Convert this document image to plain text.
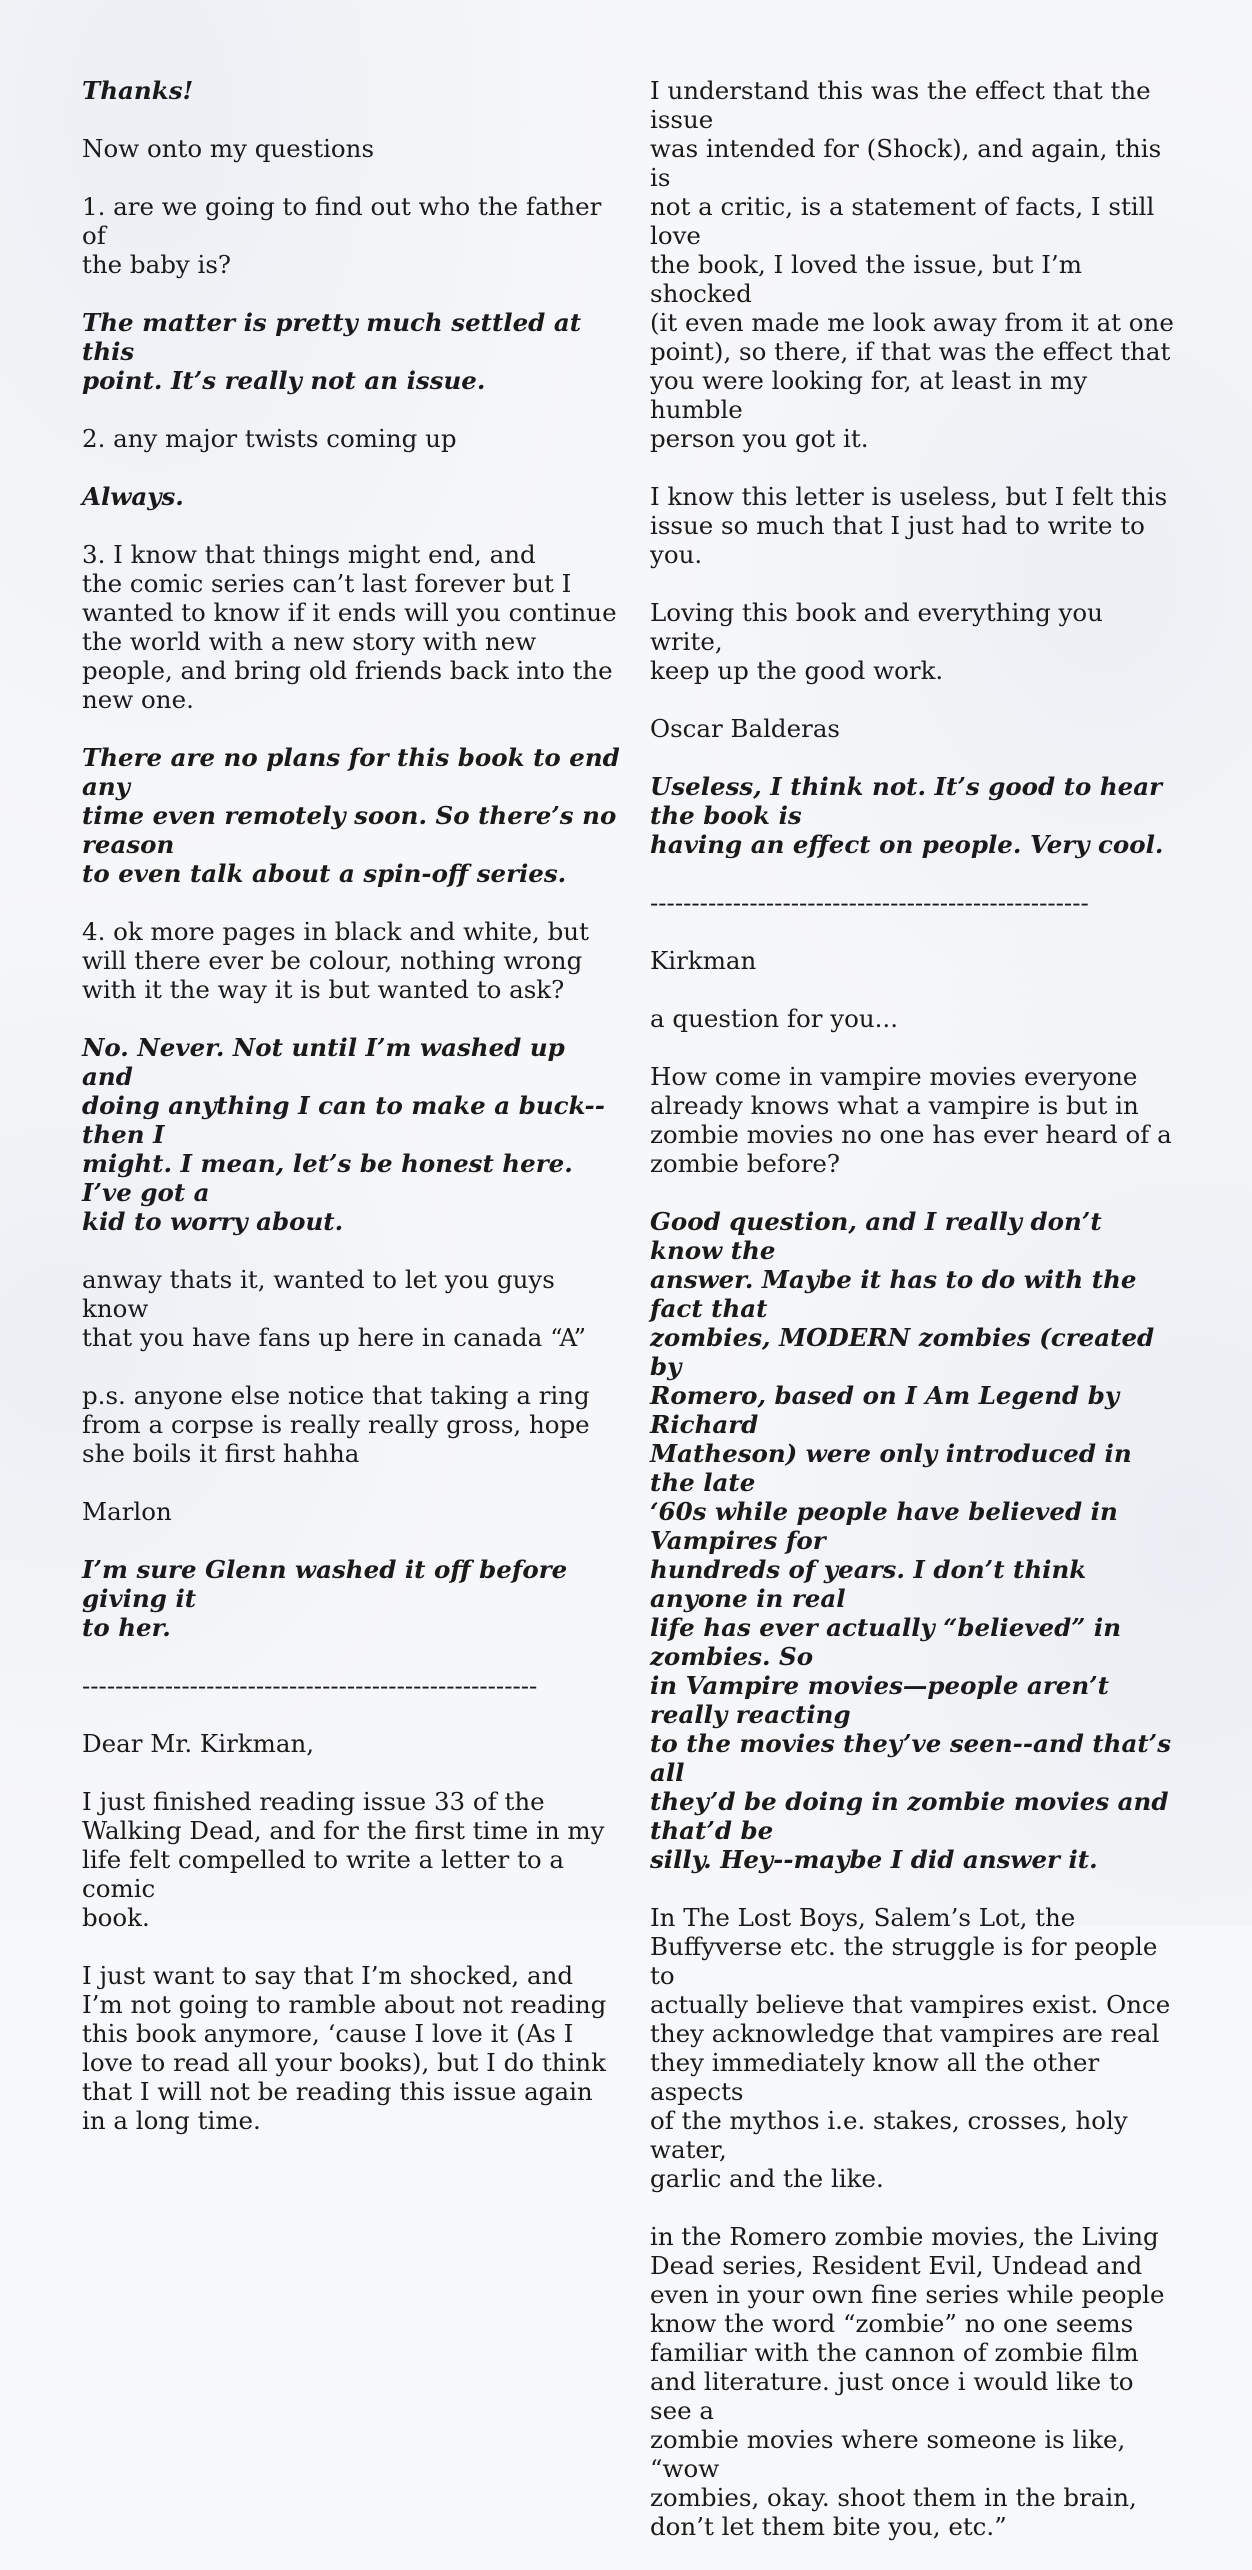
Thanks!

Now onto my questions

1. are we going to find out who the father of
the baby is?

The matter is pretty much settled at this
point. It’s really not an issue.

2. any major twists coming up

Always.

3. I know that things might end, and
the comic series can’t last forever but I
wanted to know if it ends will you continue
the world with a new story with new
people, and bring old friends back into the
new one.

There are no plans for this book to end any
time even remotely soon. So there’s no reason
to even talk about a spin-off series.

4. ok more pages in black and white, but
will there ever be colour, nothing wrong
with it the way it is but wanted to ask?

No. Never. Not until I’m washed up and
doing anything I can to make a buck--then I
might. I mean, let’s be honest here. I’ve got a
kid to worry about.

anway thats it, wanted to let you guys know
that you have fans up here in canada “A”

p.s. anyone else notice that taking a ring
from a corpse is really really gross, hope
she boils it first hahha

Marlon

I’m sure Glenn washed it off before giving it
to her.

-------------------------------------------------------

Dear Mr. Kirkman,

I just finished reading issue 33 of the
Walking Dead, and for the first time in my
life felt compelled to write a letter to a comic
book.

I just want to say that I’m shocked, and
I’m not going to ramble about not reading
this book anymore, ‘cause I love it (As I
love to read all your books), but I do think
that I will not be reading this issue again
in a long time.

I understand this was the effect that the issue
was intended for (Shock), and again, this is
not a critic, is a statement of facts, I still love
the book, I loved the issue, but I’m shocked
(it even made me look away from it at one
point), so there, if that was the effect that
you were looking for, at least in my humble
person you got it.

I know this letter is useless, but I felt this
issue so much that I just had to write to you.

Loving this book and everything you write,
keep up the good work.

Oscar Balderas

Useless, I think not. It’s good to hear the book is
having an effect on people. Very cool.

-----------------------------------------------------

Kirkman

a question for you...

How come in vampire movies everyone
already knows what a vampire is but in
zombie movies no one has ever heard of a
zombie before?

Good question, and I really don’t know the
answer. Maybe it has to do with the fact that
zombies, MODERN zombies (created by
Romero, based on I Am Legend by Richard
Matheson) were only introduced in the late
‘60s while people have believed in Vampires for
hundreds of years. I don’t think anyone in real
life has ever actually “believed” in zombies. So
in Vampire movies—people aren’t really reacting
to the movies they’ve seen--and that’s all
they’d be doing in zombie movies and that’d be
silly. Hey--maybe I did answer it.

In The Lost Boys, Salem’s Lot, the
Buffyverse etc. the struggle is for people to
actually believe that vampires exist. Once
they acknowledge that vampires are real
they immediately know all the other aspects
of the mythos i.e. stakes, crosses, holy water,
garlic and the like.

in the Romero zombie movies, the Living
Dead series, Resident Evil, Undead and
even in your own fine series while people
know the word “zombie” no one seems
familiar with the cannon of zombie film
and literature. just once i would like to see a
zombie movies where someone is like, “wow
zombies, okay. shoot them in the brain,
don’t let them bite you, etc.”
